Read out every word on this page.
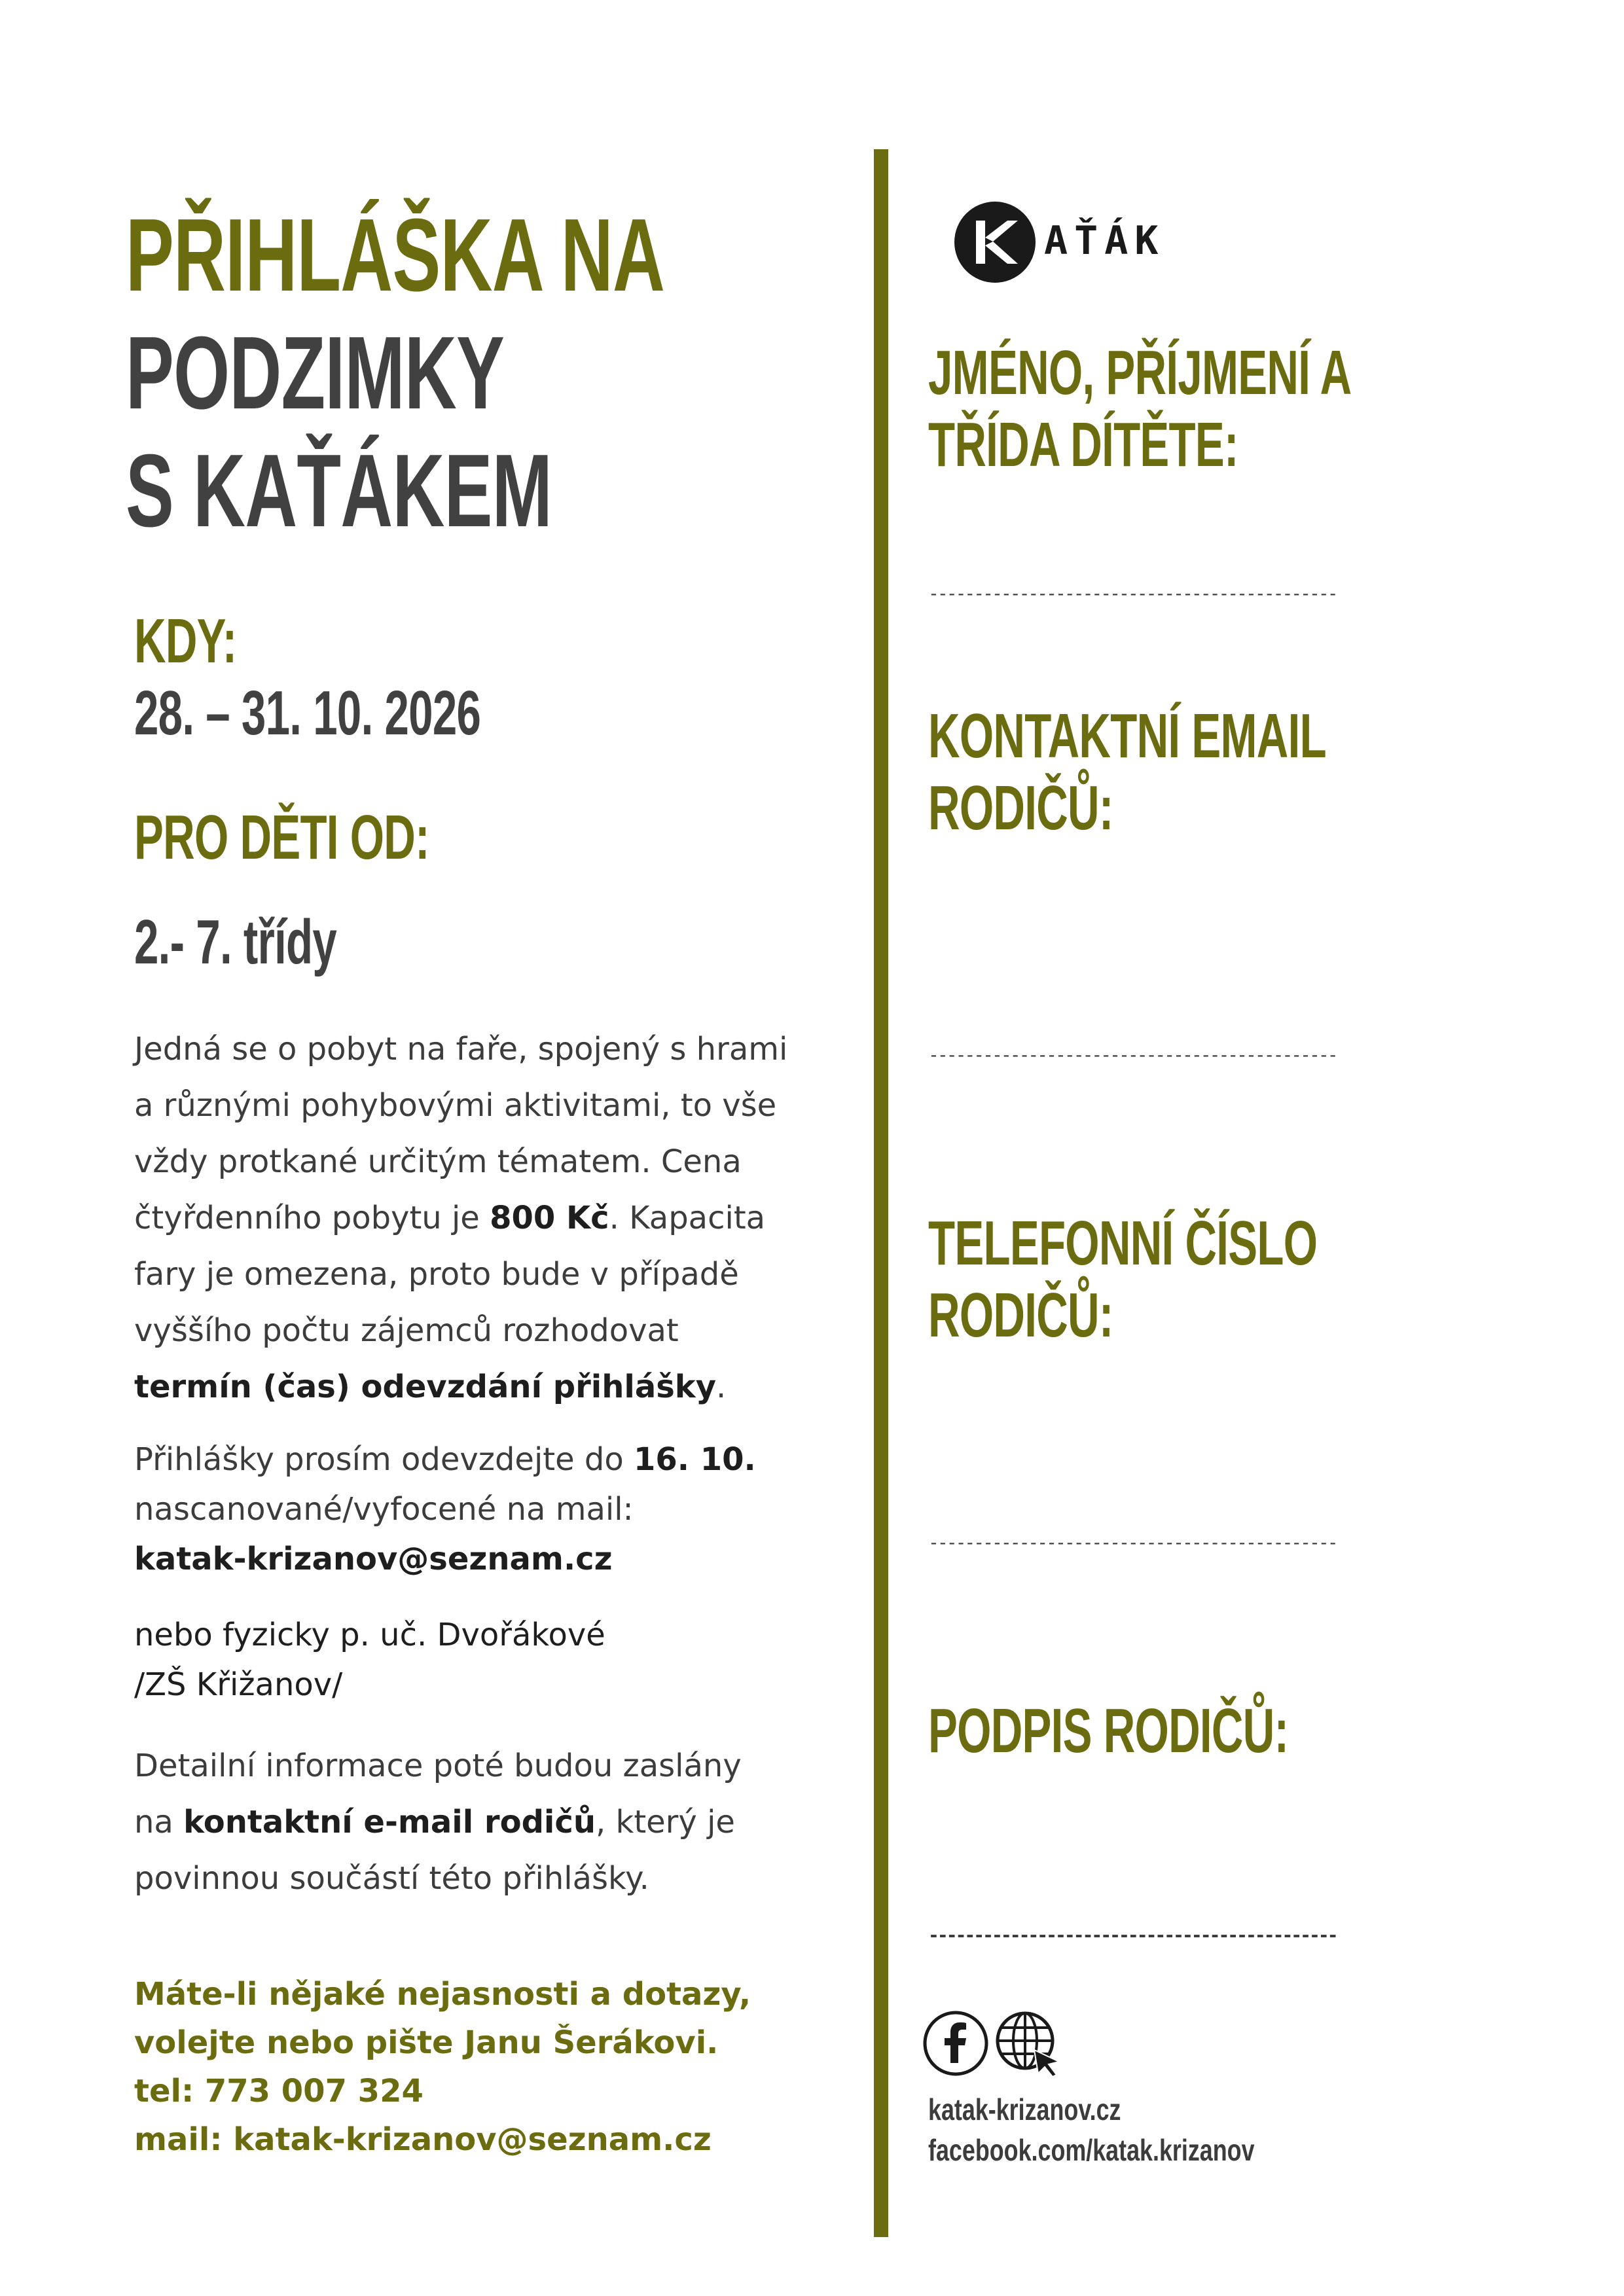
PŘIHLÁŠKA NA
PODZIMKY
S KAŤÁKEM
KDY:
28. – 31. 10. 2026
PRO DĚTI OD:
2.- 7. třídy

Jedná se o pobyt na faře, spojený s hrami a různými pohybovými aktivitami, to vše vždy protkané určitým tématem. Cena čtyřdenního pobytu je 800 Kč. Kapacita fary je omezena, proto bude v případě vyššího počtu zájemců rozhodovat termín (čas) odevzdání přihlášky.

Přihlášky prosím odevzdejte do 16. 10.

nascanované/vyfocené na mail:

katak-krizanov@seznam.cz

nebo fyzicky p. uč. Dvořákové

/ZŠ Křižanov/

Detailní informace poté budou zaslány na kontaktní e-mail rodičů, který je povinnou součástí této přihlášky.

Máte-li nějaké nejasnosti a dotazy,

volejte nebo pište Janu Šerákovi.

tel: 773 007 324

mail: katak-krizanov@seznam.cz

AŤÁK
JMÉNO, PŘÍJMENÍ A
TŘÍDA DÍTĚTE:

---------------------------------------------

KONTAKTNÍ EMAIL
RODIČŮ:

---------------------------------------------

TELEFONNÍ ČÍSLO
RODIČŮ:

---------------------------------------------

PODPIS RODIČŮ:

---------------------------------------------

katak-krizanov.cz

facebook.com/katak.krizanov
